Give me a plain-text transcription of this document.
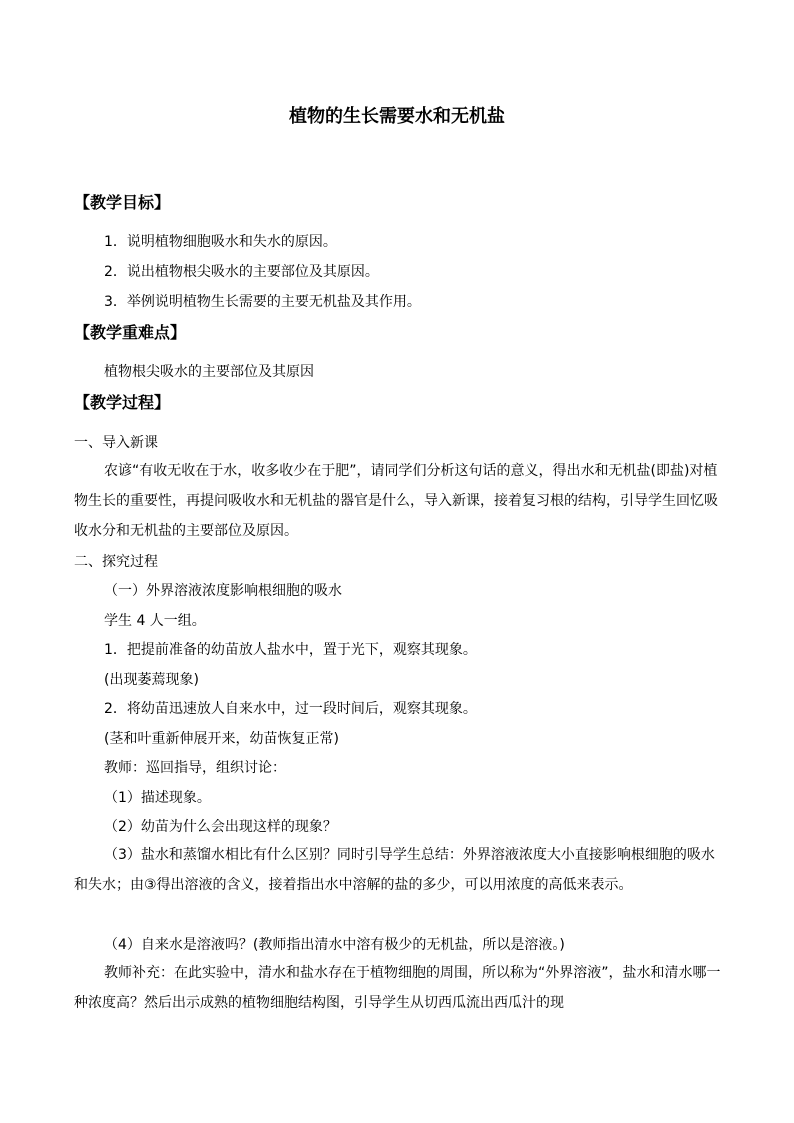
植物的生长需要水和无机盐
【教学目标】
1．说明植物细胞吸水和失水的原因。
2．说出植物根尖吸水的主要部位及其原因。
3．举例说明植物生长需要的主要无机盐及其作用。
【教学重难点】
植物根尖吸水的主要部位及其原因
【教学过程】
一、导入新课

农谚“有收无收在于水，收多收少在于肥”，请同学们分析这句话的意义，得出水和无机盐(即盐)对植物生长的重要性，再提问吸收水和无机盐的器官是什么，导入新课，接着复习根的结构，引导学生回忆吸收水分和无机盐的主要部位及原因。

二、探究过程
（一）外界溶液浓度影响根细胞的吸水
学生 4 人一组。
1．把提前准备的幼苗放人盐水中，置于光下，观察其现象。
(出现萎蔫现象)
2．将幼苗迅速放人自来水中，过一段时间后，观察其现象。
(茎和叶重新伸展开来，幼苗恢复正常)
教师：巡回指导，组织讨论：
（1）描述现象。
（2）幼苗为什么会出现这样的现象？

（3）盐水和蒸馏水相比有什么区别？同时引导学生总结：外界溶液浓度大小直接影响根细胞的吸水和失水；由③得出溶液的含义，接着指出水中溶解的盐的多少，可以用浓度的高低来表示。

（4）自来水是溶液吗？(教师指出清水中溶有极少的无机盐，所以是溶液。)

教师补充：在此实验中，清水和盐水存在于植物细胞的周围，所以称为“外界溶液”，盐水和清水哪一种浓度高？然后出示成熟的植物细胞结构图，引导学生从切西瓜流出西瓜汁的现
